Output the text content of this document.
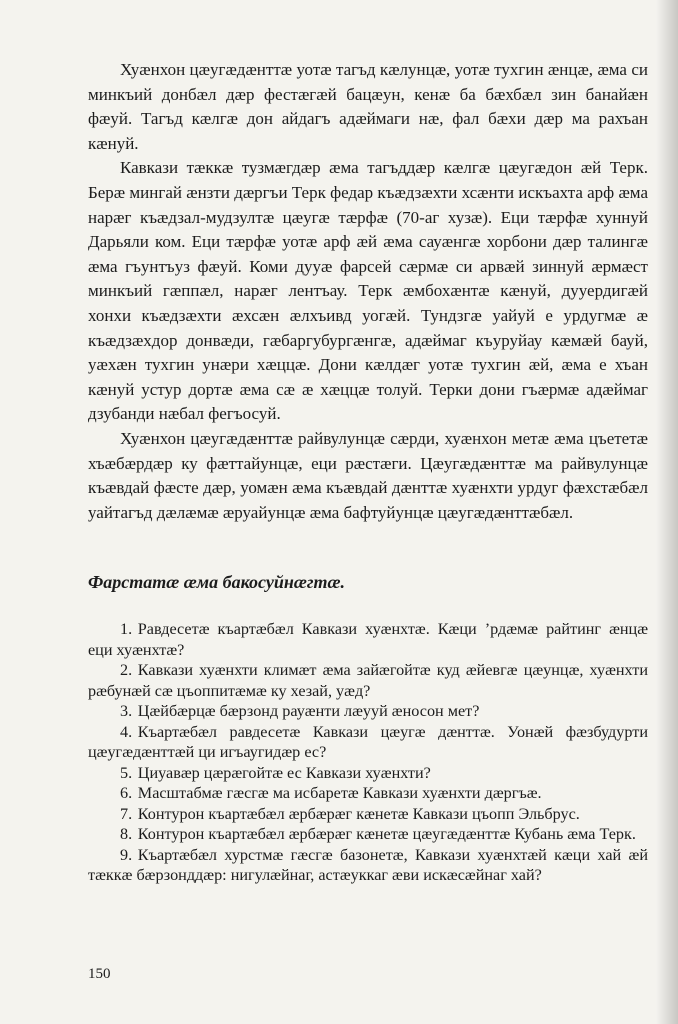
Хуæнхон цæугæдæнттæ уотæ тагъд кæлунцæ, уотæ тухгин æнцæ, æма си минкъий донбæл дæр фестæгæй бацæун, кенæ ба бæхбæл зин банайæн фæуй. Тагъд кæлгæ дон айдагъ адæймаги нæ, фал бæхи дæр ма рахъан кæнуй.

Кавкази тæккæ тузмæгдæр æма тагъддæр кæлгæ цæугæдон æй Терк. Берæ мингай æнзти дæргъи Терк федар къæдзæхти хсæнти искъахта арф æма нарæг къæдзал-мудзултæ цæугæ тæрфæ (70-аг хузæ). Еци тæрфæ хуннуй Дарьяли ком. Еци тæрфæ уотæ арф æй æма сауæнгæ хорбони дæр талингæ æма гъунтъуз фæуй. Коми дууæ фарсей сæрмæ си арвæй зиннуй æрмæст минкъий гæппæл, нарæг лентъау. Терк æмбохæнтæ кæнуй, дууердигæй хонхи къæдзæхти æхсæн æлхъивд уогæй. Тундзгæ уайуй е урдугмæ æ къæдзæхдор донвæди, гæбаргубургæнгæ, адæймаг къуруйау кæмæй бауй, уæхæн тухгин унæри хæццæ. Дони кæлдæг уотæ тухгин æй, æма е хъан кæнуй устур дортæ æма сæ æ хæццæ толуй. Терки дони гъæрмæ адæймаг дзубанди нæбал фегъосуй.

Хуæнхон цæугæдæнттæ райвулунцæ сæрди, хуæнхон метæ æма цъететæ хъæбæрдæр ку фæттайунцæ, еци рæстæги. Цæугæдæнттæ ма райвулунцæ къæвдай фæсте дæр, уомæн æма къæвдай дæнттæ хуæнхти урдуг фæхстæбæл уайтагъд дæлæмæ æруайунцæ æма бафтуйунцæ цæугæдæнттæбæл.

Фарстатæ æма бакосуйнæгтæ.
1. Равдесетæ къартæбæл Кавкази хуæнхтæ. Кæци ’рдæмæ райтинг æнцæ еци хуæнхтæ?
2. Кавкази хуæнхти климæт æма зайæгойтæ куд æйевгæ цæунцæ, хуæнхти рæбунæй сæ цъоппитæмæ ку хезай, уæд?
3. Цæйбæрцæ бæрзонд рауæнти лæууй æносон мет?
4. Къартæбæл равдесетæ Кавкази цæугæ дæнттæ. Уонæй фæзбудурти цæугæдæнттæй ци игъаугидæр ес?
5. Циуавæр цæрæгойтæ ес Кавкази хуæнхти?
6. Масштабмæ гæсгæ ма исбаретæ Кавкази хуæнхти дæргъæ.
7. Контурон къартæбæл æрбæрæг кæнетæ Кавкази цъопп Эльбрус.
8. Контурон къартæбæл æрбæрæг кæнетæ цæугæдæнттæ Кубань æма Терк.
9. Къартæбæл хурстмæ гæсгæ базонетæ, Кавкази хуæнхтæй кæци хай æй тæккæ бæрзонддæр: нигулæйнаг, астæуккаг æви искæсæйнаг хай?
150
